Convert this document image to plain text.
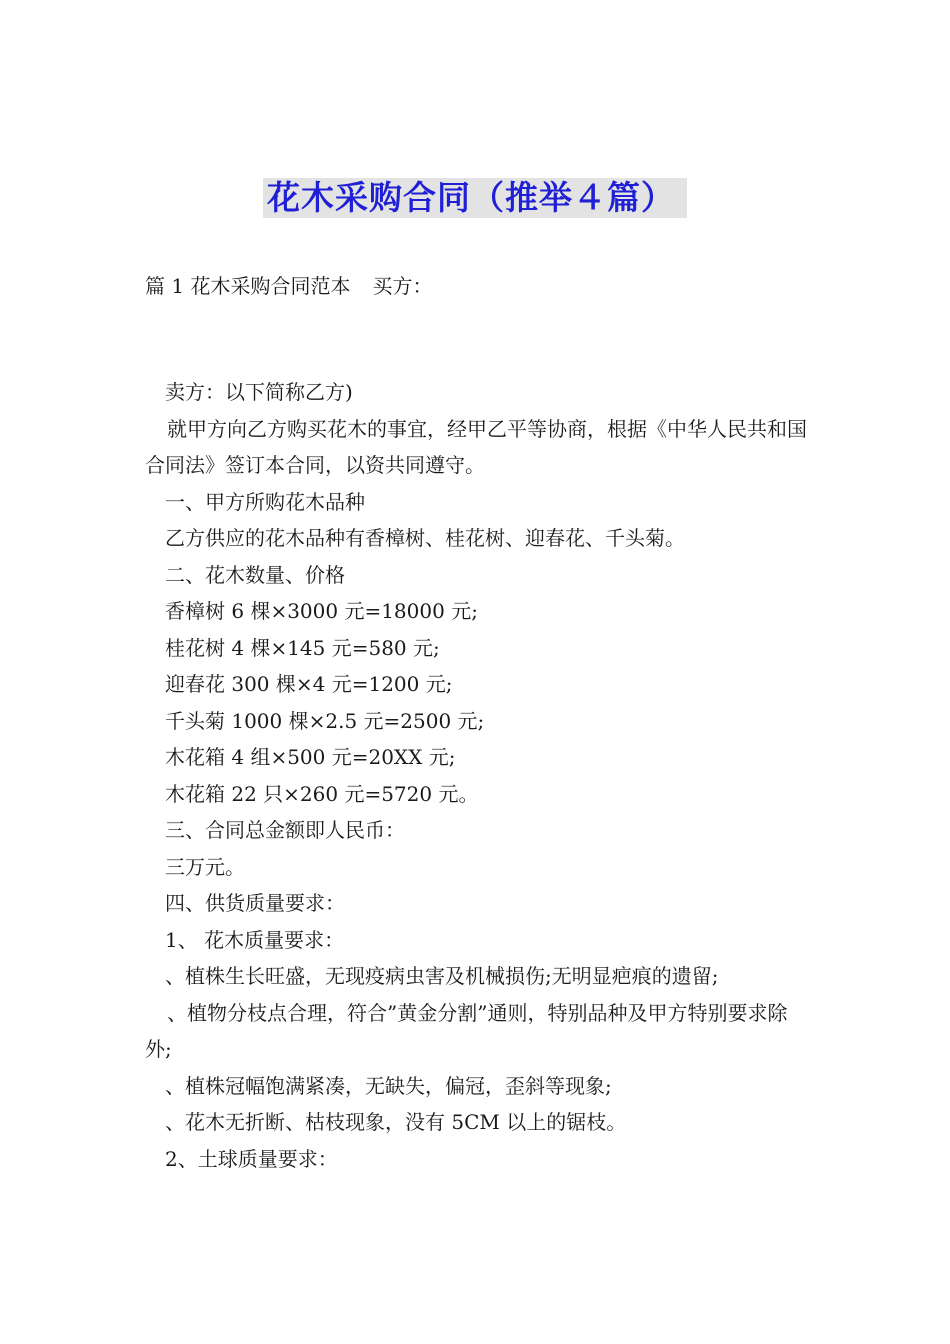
花木采购合同（推举４篇）
篇 1 花木采购合同范本 买方：

卖方：以下简称乙方)

就甲方向乙方购买花木的事宜，经甲乙平等协商，根据《中华人民共和国合同法》签订本合同，以资共同遵守。

一、甲方所购花木品种

乙方供应的花木品种有香樟树、桂花树、迎春花、千头菊。

二、花木数量、价格

香樟树 6 棵×3000 元=18000 元;

桂花树 4 棵×145 元=580 元;

迎春花 300 棵×4 元=1200 元;

千头菊 1000 棵×2.5 元=2500 元;

木花箱 4 组×500 元=20XX 元;

木花箱 22 只×260 元=5720 元。

三、合同总金额即人民币：

三万元。

四、供货质量要求：

1、 花木质量要求：

、植株生长旺盛，无现疫病虫害及机械损伤;无明显疤痕的遗留;

、植物分枝点合理，符合”黄金分割”通则，特别品种及甲方特别要求除外;

、植株冠幅饱满紧凑，无缺失，偏冠，歪斜等现象;

、花木无折断、枯枝现象，没有 5CM 以上的锯枝。

2、土球质量要求：
